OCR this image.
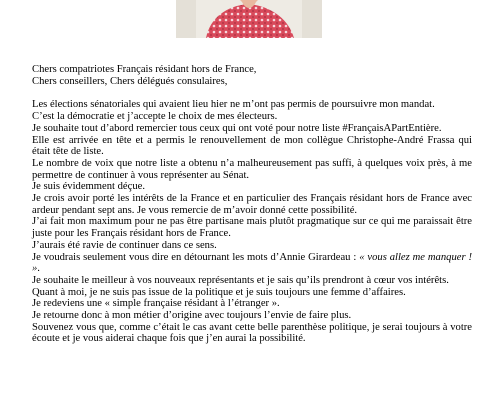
Chers compatriotes Français résidant hors de France,

Chers conseillers, Chers délégués consulaires,

Les élections sénatoriales qui avaient lieu hier ne m’ont pas permis de poursuivre mon mandat.

C’est la démocratie et j’accepte le choix de mes électeurs.

Je souhaite tout d’abord remercier tous ceux qui ont voté pour notre liste #FrançaisAPartEntière.

Elle est arrivée en tête et a permis le renouvellement de mon collègue Christophe-André Frassa qui était tête de liste.

Le nombre de voix que notre liste a obtenu n’a malheureusement pas suffi, à quelques voix près, à me permettre de continuer à vous représenter au Sénat.

Je suis évidemment déçue.

Je crois avoir porté les intérêts de la France et en particulier des Français résidant hors de France avec ardeur pendant sept ans. Je vous remercie de m’avoir donné cette possibilité.

J’ai fait mon maximum pour ne pas être partisane mais plutôt pragmatique sur ce qui me paraissait être juste pour les Français résidant hors de France.

J’aurais été ravie de continuer dans ce sens.

Je voudrais seulement vous dire en détournant les mots d’Annie Girardeau : « vous allez me manquer ! ».

Je souhaite le meilleur à vos nouveaux représentants et je sais qu’ils prendront à cœur vos intérêts.

Quant à moi, je ne suis pas issue de la politique et je suis toujours une femme d’affaires.

Je redeviens une « simple française résidant à l’étranger ».

Je retourne donc à mon métier d’origine avec toujours l’envie de faire plus.

Souvenez vous que, comme c’était le cas avant cette belle parenthèse politique, je serai toujours à votre écoute et je vous aiderai chaque fois que j’en aurai la possibilité.
